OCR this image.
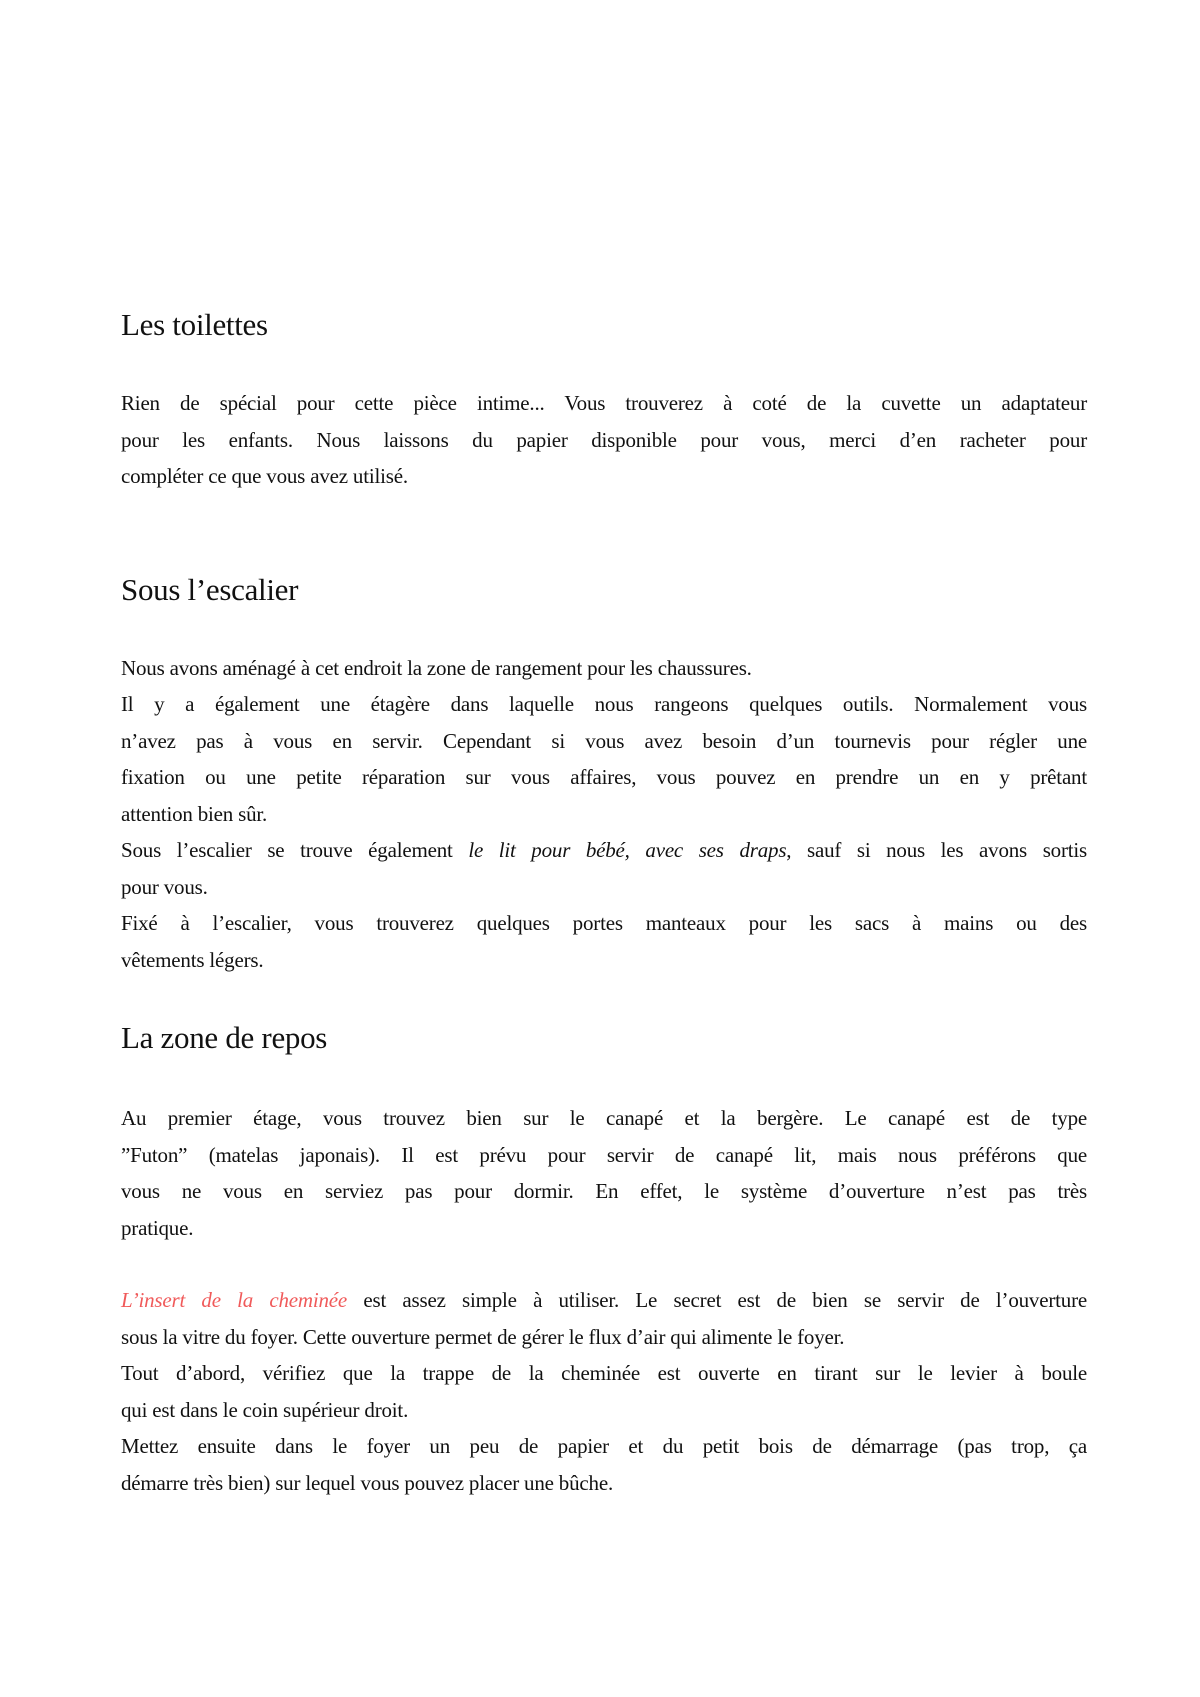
Les toilettes

Rien de spécial pour cette pièce intime... Vous trouverez à coté de la cuvette un adaptateur
pour les enfants. Nous laissons du papier disponible pour vous, merci d’en racheter pour
compléter ce que vous avez utilisé.

Sous l’escalier

Nous avons aménagé à cet endroit la zone de rangement pour les chaussures.

Il y a également une étagère dans laquelle nous rangeons quelques outils. Normalement vous
n’avez pas à vous en servir. Cependant si vous avez besoin d’un tournevis pour régler une
fixation ou une petite réparation sur vous affaires, vous pouvez en prendre un en y prêtant
attention bien sûr.

Sous l’escalier se trouve également le lit pour bébé, avec ses draps, sauf si nous les avons sortis
pour vous.

Fixé à l’escalier, vous trouverez quelques portes manteaux pour les sacs à mains ou des
vêtements légers.

La zone de repos

Au premier étage, vous trouvez bien sur le canapé et la bergère. Le canapé est de type
”Futon” (matelas japonais). Il est prévu pour servir de canapé lit, mais nous préférons que
vous ne vous en serviez pas pour dormir. En effet, le système d’ouverture n’est pas très
pratique.

L’insert de la cheminée est assez simple à utiliser. Le secret est de bien se servir de l’ouverture
sous la vitre du foyer. Cette ouverture permet de gérer le flux d’air qui alimente le foyer.

Tout d’abord, vérifiez que la trappe de la cheminée est ouverte en tirant sur le levier à boule
qui est dans le coin supérieur droit.

Mettez ensuite dans le foyer un peu de papier et du petit bois de démarrage (pas trop, ça
démarre très bien) sur lequel vous pouvez placer une bûche.
